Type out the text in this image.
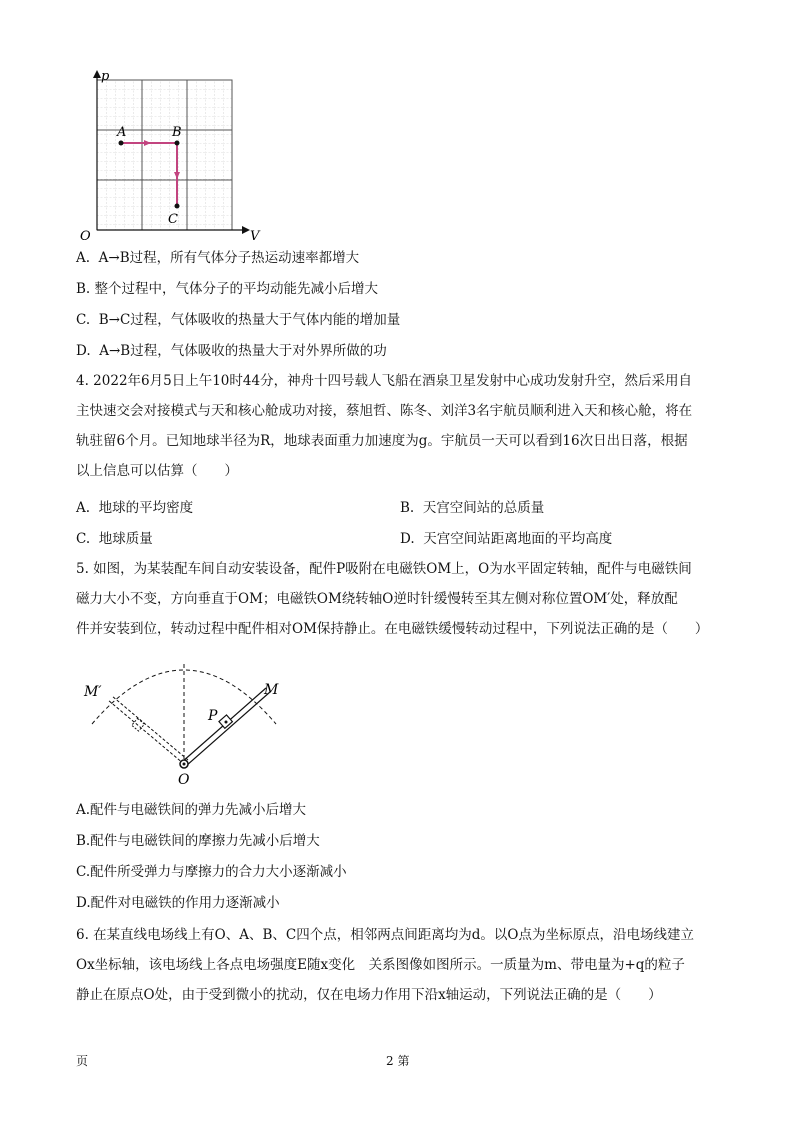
p
V
O
A	B
C
A. A→B过程，所有气体分子热运动速率都增大
B. 整个过程中，气体分子的平均动能先减小后增大
C. B→C过程，气体吸收的热量大于气体内能的增加量
D. A→B过程，气体吸收的热量大于对外界所做的功
4. 2022年6月5日上午10时44分，神舟十四号载人飞船在酒泉卫星发射中心成功发射升空，然后采用自
主快速交会对接模式与天和核心舱成功对接，蔡旭哲、陈冬、刘洋3名宇航员顺利进入天和核心舱，将在
轨驻留6个月。已知地球半径为R，地球表面重力加速度为g。宇航员一天可以看到16次日出日落，根据
以上信息可以估算（　　）
A. 地球的平均密度	B. 天宫空间站的总质量
C. 地球质量	D. 天宫空间站距离地面的平均高度
5. 如图，为某装配车间自动安装设备，配件P吸附在电磁铁OM上，O为水平固定转轴，配件与电磁铁间
磁力大小不变，方向垂直于OM；电磁铁OM绕转轴O逆时针缓慢转至其左侧对称位置OM′处，释放配
件并安装到位，转动过程中配件相对OM保持静止。在电磁铁缓慢转动过程中，下列说法正确的是（　　）
M′	M
P
O
A.配件与电磁铁间的弹力先减小后增大
B.配件与电磁铁间的摩擦力先减小后增大
C.配件所受弹力与摩擦力的合力大小逐渐减小
D.配件对电磁铁的作用力逐渐减小
6. 在某直线电场线上有O、A、B、C四个点，相邻两点间距离均为d。以O点为坐标原点，沿电场线建立
Ox坐标轴，该电场线上各点电场强度E随x变化　关系图像如图所示。一质量为m、带电量为+q的粒子
静止在原点O处，由于受到微小的扰动，仅在电场力作用下沿x轴运动，下列说法正确的是（　　）
页	2 第
